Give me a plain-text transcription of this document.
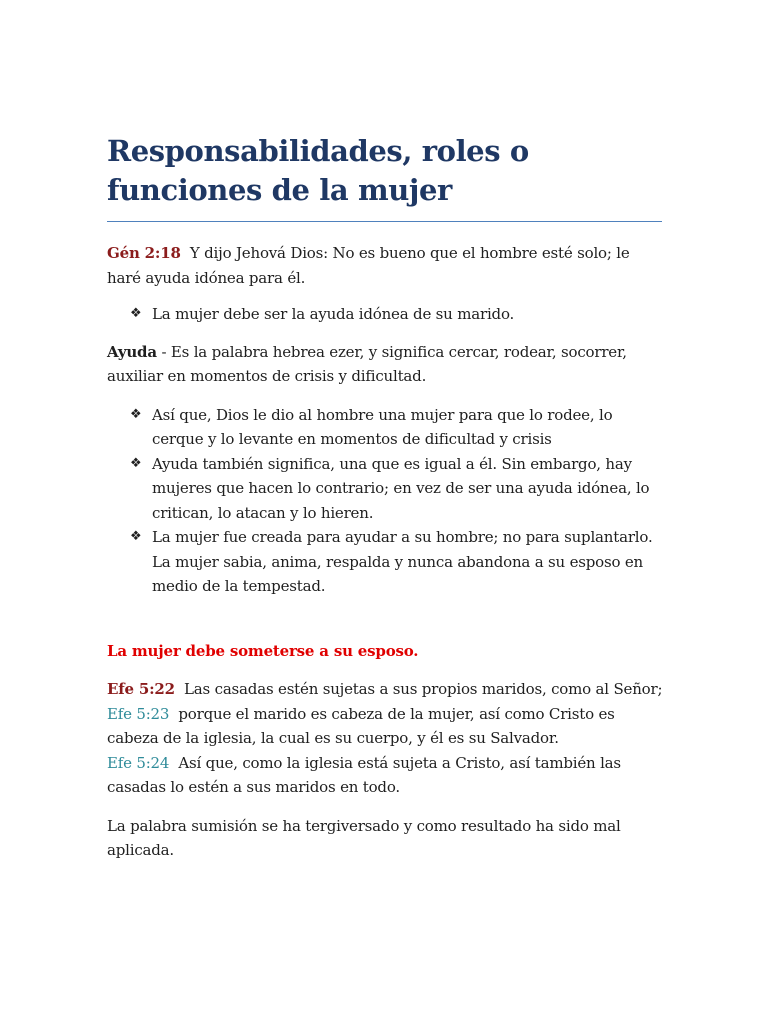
Responsabilidades, roles o funciones de la mujer

Gén 2:18 Y dijo Jehová Dios: No es bueno que el hombre esté solo; le haré ayuda idónea para él.

❖ La mujer debe ser la ayuda idónea de su marido.

Ayuda - Es la palabra hebrea ezer, y significa cercar, rodear, socorrer, auxiliar en momentos de crisis y dificultad.

❖ Así que, Dios le dio al hombre una mujer para que lo rodee, lo cerque y lo levante en momentos de dificultad y crisis
❖ Ayuda también significa, una que es igual a él. Sin embargo, hay mujeres que hacen lo contrario; en vez de ser una ayuda idónea, lo critican, lo atacan y lo hieren.
❖ La mujer fue creada para ayudar a su hombre; no para suplantarlo. La mujer sabia, anima, respalda y nunca abandona a su esposo en medio de la tempestad.

La mujer debe someterse a su esposo.

Efe 5:22 Las casadas estén sujetas a sus propios maridos, como al Señor;
Efe 5:23 porque el marido es cabeza de la mujer, así como Cristo es cabeza de la iglesia, la cual es su cuerpo, y él es su Salvador.
Efe 5:24 Así que, como la iglesia está sujeta a Cristo, así también las casadas lo estén a sus maridos en todo.

La palabra sumisión se ha tergiversado y como resultado ha sido mal aplicada.
